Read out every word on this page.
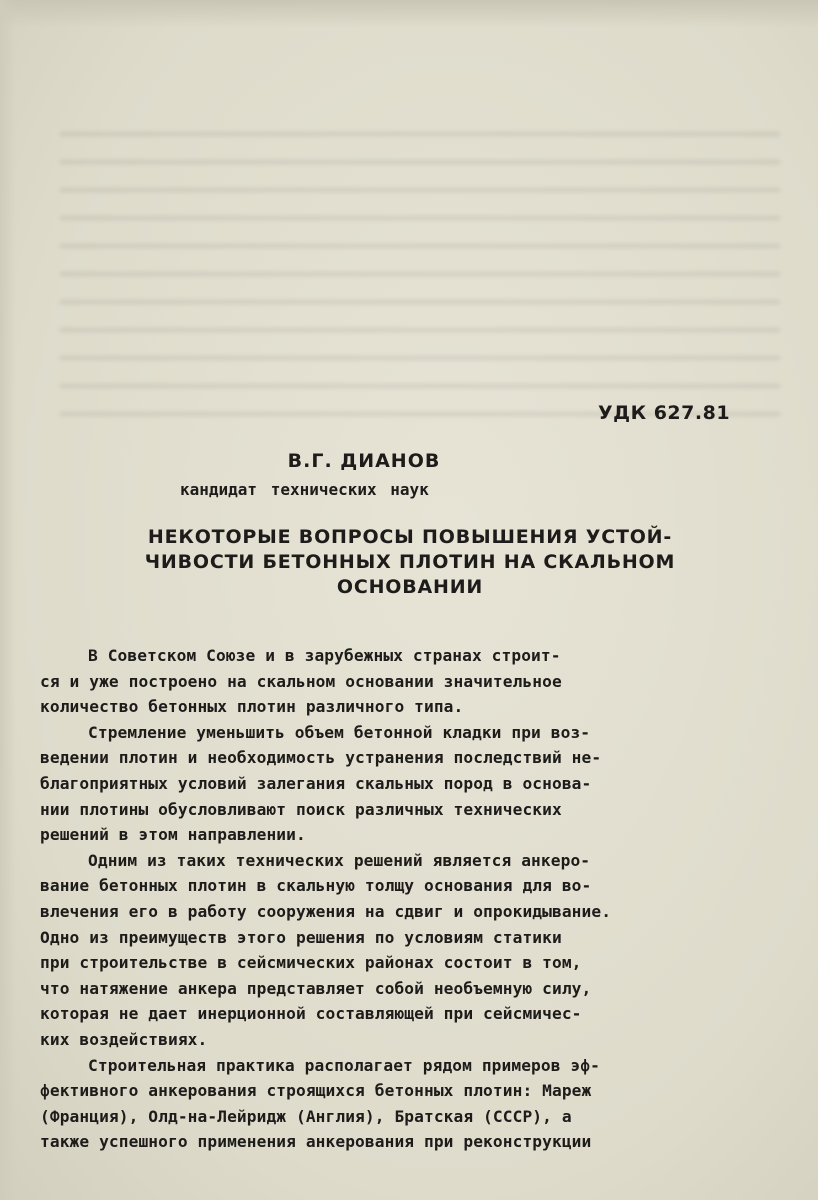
УДК 627.81
В.Г. ДИАНОВ
кандидат технических наук
НЕКОТОРЫЕ ВОПРОСЫ ПОВЫШЕНИЯ УСТОЙ-
ЧИВОСТИ БЕТОННЫХ ПЛОТИН НА СКАЛЬНОМ
ОСНОВАНИИ
В Советском Союзе и в зарубежных странах строит-
ся и уже построено на скальном основании значительное
количество бетонных плотин различного типа.
Стремление уменьшить объем бетонной кладки при воз-
ведении плотин и необходимость устранения последствий не-
благоприятных условий залегания скальных пород в основа-
нии плотины обусловливают поиск различных технических
решений в этом направлении.
Одним из таких технических решений является анкеро-
вание бетонных плотин в скальную толщу основания для во-
влечения его в работу сооружения на сдвиг и опрокидывание.
Одно из преимуществ этого решения по условиям статики
при строительстве в сейсмических районах состоит в том,
что натяжение анкера представляет собой необъемную силу,
которая не дает инерционной составляющей при сейсмичес-
ких воздействиях.
Строительная практика располагает рядом примеров эф-
фективного анкерования строящихся бетонных плотин: Мареж
(Франция), Олд-на-Лейридж (Англия), Братская (СССР), а
также успешного применения анкерования при реконструкции
